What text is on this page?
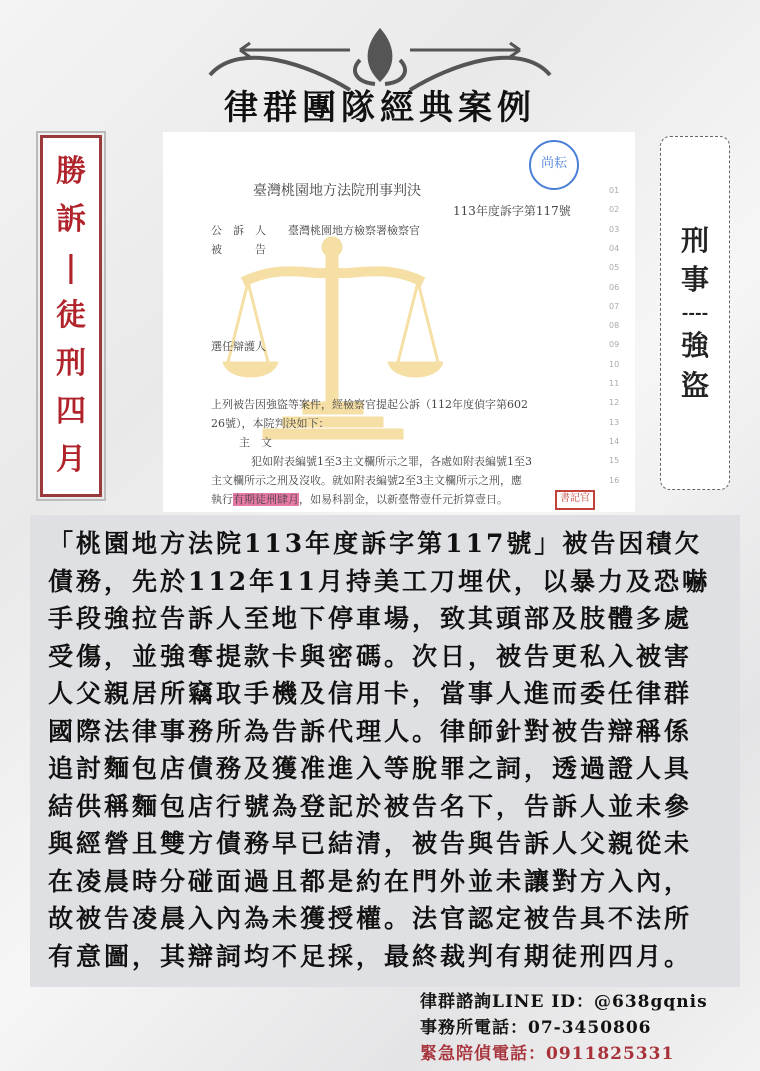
律群團隊經典案例
勝
訴
|
徒
刑
四
月
尚耘
臺灣桃園地方法院刑事判決
113年度訴字第117號
公　訴　人 臺灣桃園地方檢察署檢察官
被　　　告
選任辯護人
上列被告因強盜等案件，經檢察官提起公訴（112年度偵字第602
26號），本院判決如下：
主　文
犯如附表編號1至3主文欄所示之罪，各處如附表編號1至3
主文欄所示之刑及沒收。就如附表編號2至3主文欄所示之刑，應
執行有期徒刑肆月，如易科罰金，以新臺幣壹仟元折算壹日。	書記官
01
02
03
04
05
06
07
08
09
10
11
12
13
14
15
16
刑
事
----
強
盜
「桃園地方法院113年度訴字第117號」被告因積欠
債務，先於112年11月持美工刀埋伏，以暴力及恐嚇
手段強拉告訴人至地下停車場，致其頭部及肢體多處
受傷，並強奪提款卡與密碼。次日，被告更私入被害
人父親居所竊取手機及信用卡，當事人進而委任律群
國際法律事務所為告訴代理人。律師針對被告辯稱係
追討麵包店債務及獲准進入等脫罪之詞，透過證人具
結供稱麵包店行號為登記於被告名下，告訴人並未參
與經營且雙方債務早已結清，被告與告訴人父親從未
在凌晨時分碰面過且都是約在門外並未讓對方入內，
故被告凌晨入內為未獲授權。法官認定被告具不法所
有意圖，其辯詞均不足採，最終裁判有期徒刑四月。
律群諮詢LINE ID：@638gqnis
事務所電話：07-3450806
緊急陪偵電話：0911825331
